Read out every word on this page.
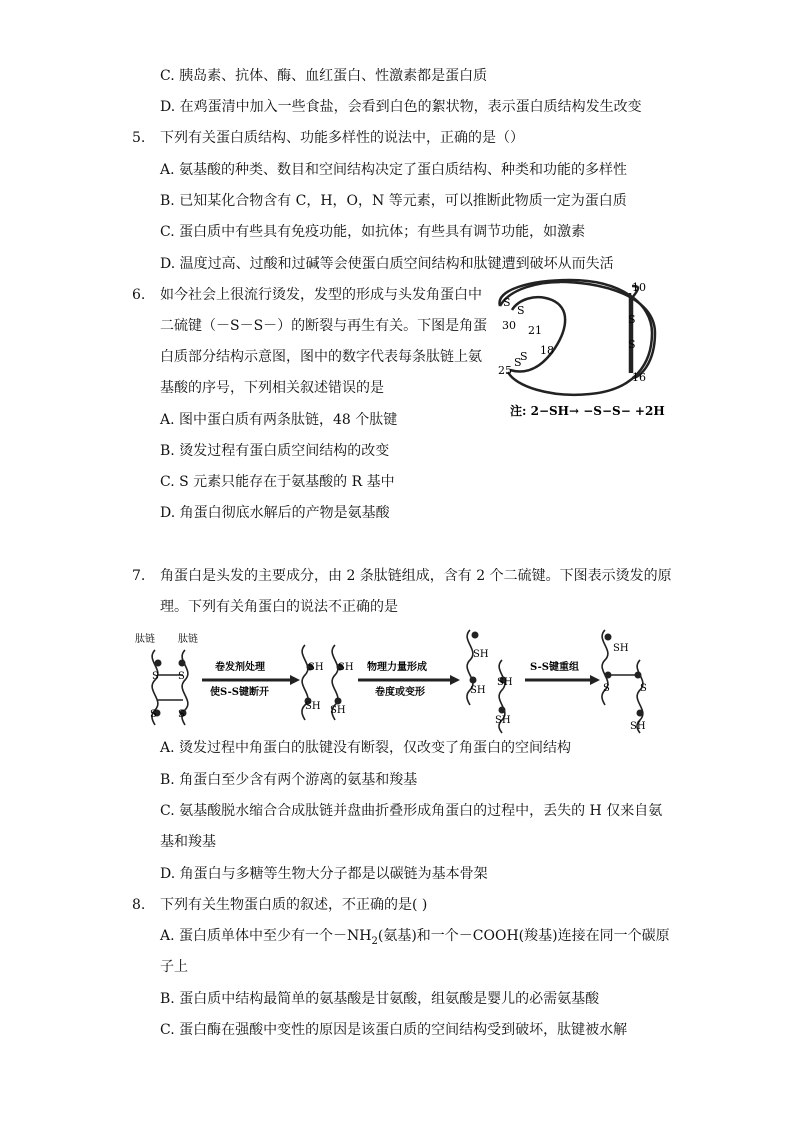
C. 胰岛素、抗体、酶、血红蛋白、性激素都是蛋白质
D. 在鸡蛋清中加入一些食盐，会看到白色的絮状物，表示蛋白质结构发生改变
5. 下列有关蛋白质结构、功能多样性的说法中，正确的是（）
A. 氨基酸的种类、数目和空间结构决定了蛋白质结构、种类和功能的多样性
B. 已知某化合物含有 C，H，O，N 等元素，可以推断此物质一定为蛋白质
C. 蛋白质中有些具有免疫功能，如抗体；有些具有调节功能，如激素
D. 温度过高、过酸和过碱等会使蛋白质空间结构和肽键遭到破坏从而失活
6. 如今社会上很流行烫发，发型的形成与头发角蛋白中
二硫键（－S－S－）的断裂与再生有关。下图是角蛋
白质部分结构示意图，图中的数字代表每条肽链上氨
基酸的序号，下列相关叙述错误的是
A. 图中蛋白质有两条肽链，48 个肽键
B. 烫发过程有蛋白质空间结构的改变
C. S 元素只能存在于氨基酸的 R 基中
D. 角蛋白彻底水解后的产物是氨基酸
10
30 21
18
25
16
S
S
S
S
S
S
注: 2−SH→ −S−S− +2H
7. 角蛋白是头发的主要成分，由 2 条肽链组成，含有 2 个二硫键。下图表示烫发的原
理。下列有关角蛋白的说法不正确的是
肽链 肽链
S S
S S
卷发剂处理
使S-S键断开
SH SH
SH SH
物理力量形成
卷度或变形
SH
SH
SH
SH
S-S键重组
SH
S	S
SH
A. 烫发过程中角蛋白的肽键没有断裂，仅改变了角蛋白的空间结构
B. 角蛋白至少含有两个游离的氨基和羧基
C. 氨基酸脱水缩合合成肽链并盘曲折叠形成角蛋白的过程中，丢失的 H 仅来自氨
基和羧基
D. 角蛋白与多糖等生物大分子都是以碳链为基本骨架
8. 下列有关生物蛋白质的叙述，不正确的是( )
A. 蛋白质单体中至少有一个$-NH_2$(氨基)和一个－COOH(羧基)连接在同一个碳原
子上
B. 蛋白质中结构最简单的氨基酸是甘氨酸，组氨酸是婴儿的必需氨基酸
C. 蛋白酶在强酸中变性的原因是该蛋白质的空间结构受到破坏，肽键被水解
